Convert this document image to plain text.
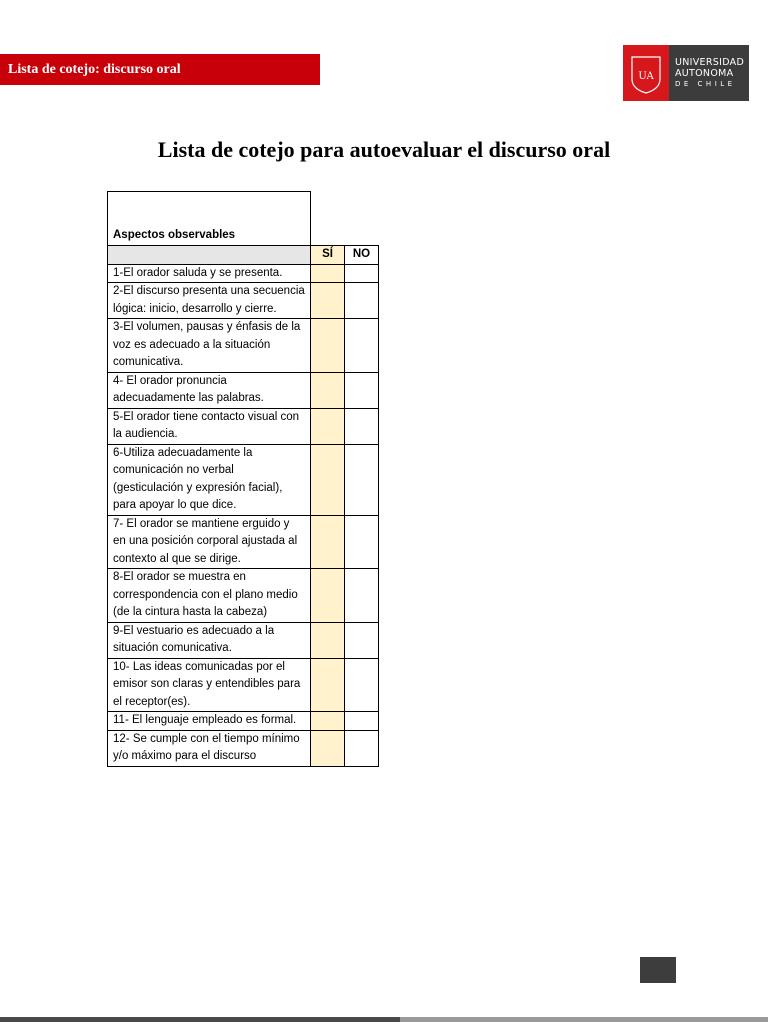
Lista de cotejo: discurso oral	UA
UNIVERSIDAD
AUTONOMA
DE CHILE
Lista de cotejo para autoevaluar el discurso oral
Aspectos observables		
	SÍ	NO
1-El orador saluda y se presenta.		
2-El discurso presenta una secuencia lógica: inicio, desarrollo y cierre.		
3-El volumen, pausas y énfasis de la voz es adecuado a la situación comunicativa.		
4- El orador pronuncia adecuadamente las palabras.		
5-El orador tiene contacto visual con la audiencia.		
6-Utiliza adecuadamente la comunicación no verbal (gesticulación y expresión facial), para apoyar lo que dice.		
7- El orador se mantiene erguido y en una posición corporal ajustada al contexto al que se dirige.		
8-El orador se muestra en correspondencia con el plano medio (de la cintura hasta la cabeza)		
9-El vestuario es adecuado a la situación comunicativa.		
10- Las ideas comunicadas por el emisor son claras y entendibles para el receptor(es).		
11- El lenguaje empleado es formal.		
12- Se cumple con el tiempo mínimo y/o máximo para el discurso		
